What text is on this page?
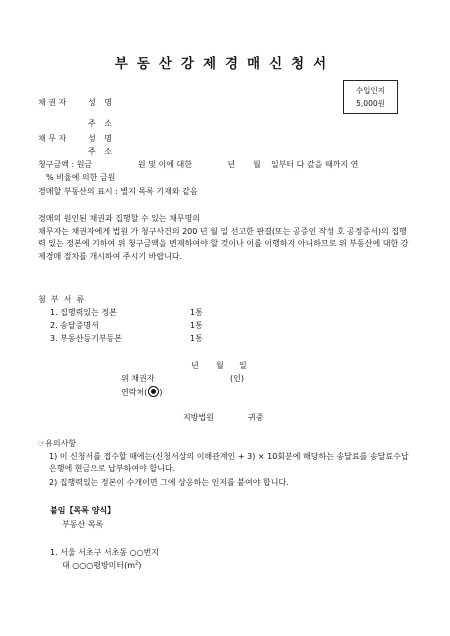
부동산강제경매신청서
수입인지
5,000원
채 권 자	성 명
주 소
채 무 자	성 명
주 소
청구금액 : 원금                  원 및 이에 대한              년       월    일부터 다 갚을 때까지 연
% 비율에 의한 금원
경매할 부동산의 표시 : 별지 목록 기재와 같음
경매의 원인된 채권과 집행할 수 있는 채무명의
채무자는 채권자에게 법원 가 청구사건의 200 년 월 일 선고한 판결(또는 공증인 작성 호 공정증서)의 집행력 있는 정본에 기하여 위 청구금액을 변제하여야 할 것이나 이를 이행하지 아니하므로 위 부동산에 대한 강제경매 절차를 개시하여 주시기 바랍니다.
첨  부  서  류
1. 집행력있는 정본	1통
2. 송달증명서	1통
3. 부동산등기부등본	1통
년 월 일
위 채권자	(인)
연락처( )
지방법원	귀중
☞유의사항
1) 이 신청서를 접수할 때에는(신청서상의 이해관계인 + 3) × 10회분에 해당하는 송달료를 송달료수납은행에 현금으로 납부하여야 합니다.
2) 집행력있는 정본이 수개이면 그에 상응하는 인지를 붙여야 합니다.
붙임【목록 양식】
부동산 목록
1. 서울 서초구 서초동 ○○번지
대 ○○○평방미터$(m^2)$
